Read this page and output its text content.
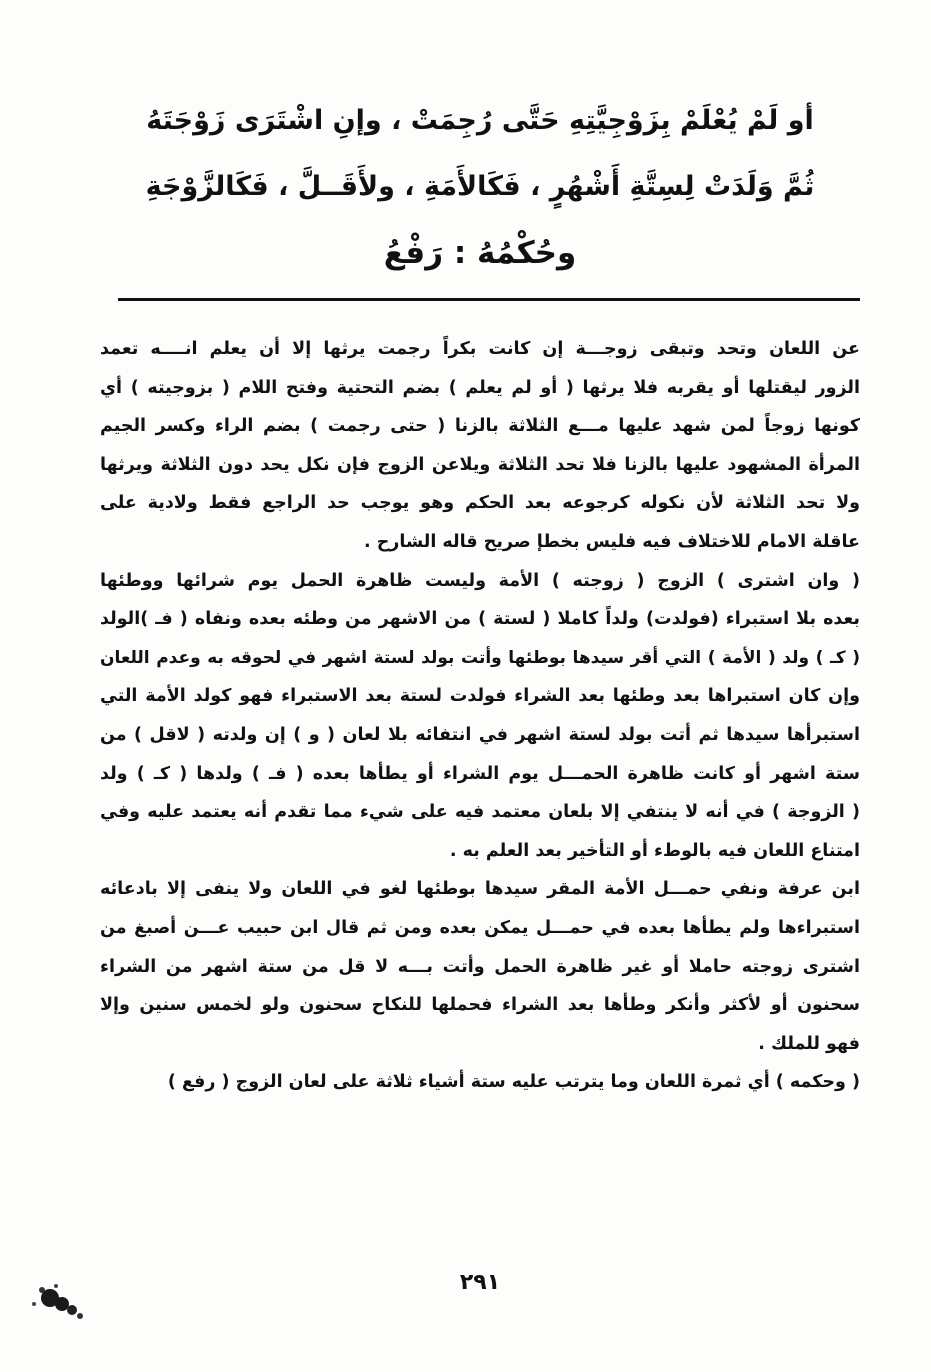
أو لَمْ يُعْلَمْ بِزَوْجِيَّتِهِ حَتَّى رُجِمَتْ ، وإنِ اشْتَرَى زَوْجَتَهُ
ثُمَّ وَلَدَتْ لِسِتَّةِ أَشْهُرٍ ، فَكَالأَمَةِ ، ولأَقَــلَّ ، فَكَالزَّوْجَةِ
وحُكْمُهُ : رَفْعُ
عن اللعان وتحد وتبقى زوجـــة إن كانت بكراً رجمت يرثها إلا أن يعلم انــــه تعمد
الزور ليقتلها أو يقربه فلا يرثها ( أو لم يعلم ) بضم التحتية وفتح اللام ( بزوجيته ) أي
كونها زوجاً لمن شهد عليها مـــع الثلاثة بالزنا ( حتى رجمت ) بضم الراء وكسر الجيم
المرأة المشهود عليها بالزنا فلا تحد الثلاثة ويلاعن الزوج فإن نكل يحد دون الثلاثة ويرثها
ولا تحد الثلاثة لأن نكوله كرجوعه بعد الحكم وهو يوجب حد الراجع فقط ولادية على
عاقلة الامام للاختلاف فيه فليس بخطإ صريح قاله الشارح .
( وان اشترى ) الزوج ( زوجته ) الأمة وليست ظاهرة الحمل يوم شرائها ووطئها
بعده بلا استبراء (فولدت) ولداً كاملا ( لستة ) من الاشهر من وطئه بعده ونفاه ( فـ )الولد
( كـ ) ولد ( الأمة ) التي أقر سيدها بوطئها وأتت بولد لستة اشهر في لحوقه به وعدم اللعان
وإن كان استبراها بعد وطئها بعد الشراء فولدت لستة بعد الاستبراء فهو كولد الأمة التي
استبرأها سيدها ثم أتت بولد لستة اشهر في انتفائه بلا لعان ( و ) إن ولدته ( لاقل ) من
ستة اشهر أو كانت ظاهرة الحمـــل يوم الشراء أو يطأها بعده ( فـ ) ولدها ( كـ ) ولد
( الزوجة ) في أنه لا ينتفي إلا بلعان معتمد فيه على شيء مما تقدم أنه يعتمد عليه وفي
امتناع اللعان فيه بالوطء أو التأخير بعد العلم به .
ابن عرفة ونفي حمـــل الأمة المقر سيدها بوطئها لغو في اللعان ولا ينفى إلا بادعائه
استبراءها ولم يطأها بعده في حمـــل يمكن بعده ومن ثم قال ابن حبيب عـــن أصبغ من
اشترى زوجته حاملا أو غير ظاهرة الحمل وأتت بـــه لا قل من ستة اشهر من الشراء
سحنون أو لأكثر وأنكر وطأها بعد الشراء فحملها للنكاح سحنون ولو لخمس سنين وإلا
فهو للملك .
( وحكمه ) أي ثمرة اللعان وما يترتب عليه ستة أشياء ثلاثة على لعان الزوج ( رفع )
٢٩١
